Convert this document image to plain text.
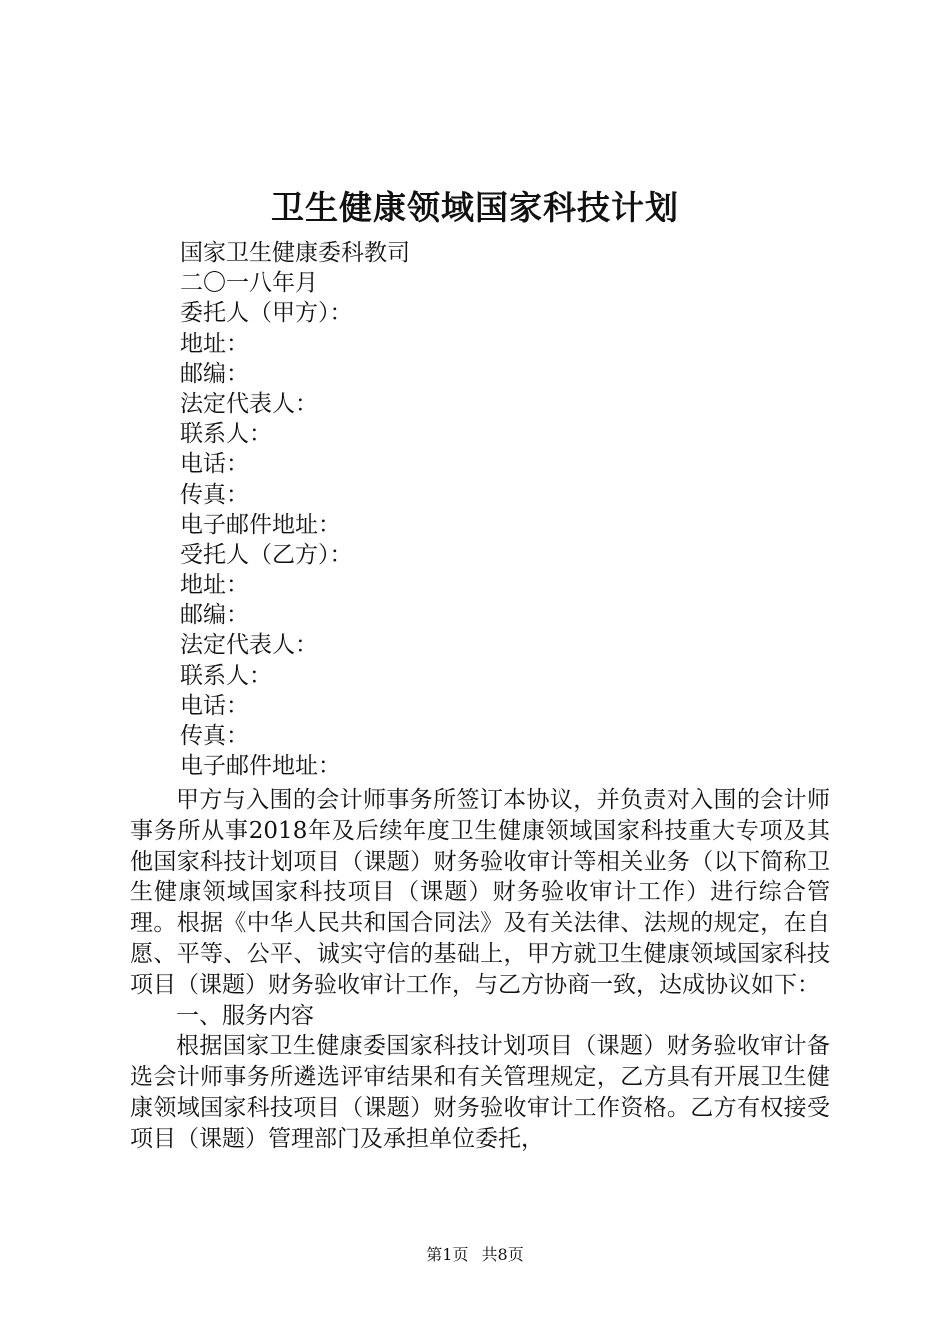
卫生健康领域国家科技计划
国家卫生健康委科教司
二〇一八年月
委托人（甲方）：
地址：
邮编：
法定代表人：
联系人：
电话：
传真：
电子邮件地址：
受托人（乙方）：
地址：
邮编：
法定代表人：
联系人：
电话：
传真：
电子邮件地址：

甲方与入围的会计师事务所签订本协议，并负责对入围的会计师事务所从事2018年及后续年度卫生健康领域国家科技重大专项及其他国家科技计划项目（课题）财务验收审计等相关业务（以下简称卫生健康领域国家科技项目（课题）财务验收审计工作）进行综合管理。根据《中华人民共和国合同法》及有关法律、法规的规定，在自愿、平等、公平、诚实守信的基础上，甲方就卫生健康领域国家科技项目（课题）财务验收审计工作，与乙方协商一致，达成协议如下：

一、服务内容

根据国家卫生健康委国家科技计划项目（课题）财务验收审计备选会计师事务所遴选评审结果和有关管理规定，乙方具有开展卫生健康领域国家科技项目（课题）财务验收审计工作资格。乙方有权接受项目（课题）管理部门及承担单位委托，

第1页 共8页
